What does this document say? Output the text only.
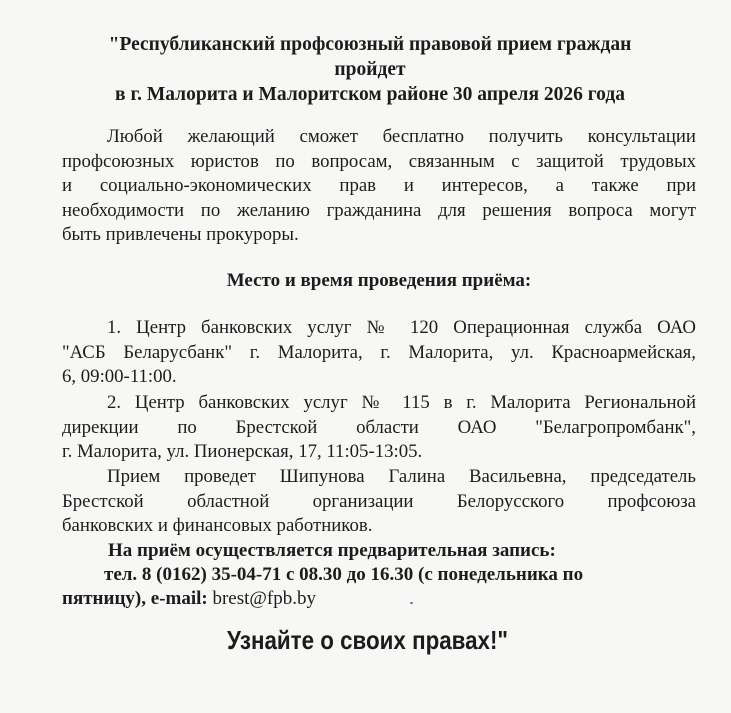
"Республиканский профсоюзный правовой прием граждан
пройдет
в г. Малорита и Малоритском районе 30 апреля 2026 года
Любой желающий сможет бесплатно получить консультации
профсоюзных юристов по вопросам, связанным с защитой трудовых
и социально-экономических прав и интересов, а также при
необходимости по желанию гражданина для решения вопроса могут
быть привлечены прокуроры.
Место и время проведения приёма:
1. Центр банковских услуг № 120 Операционная служба ОАО
"АСБ Беларусбанк" г. Малорита, г. Малорита, ул. Красноармейская,
6, 09:00-11:00.
2. Центр банковских услуг № 115 в г. Малорита Региональной
дирекции по Брестской области ОАО "Белагропромбанк",
г. Малорита, ул. Пионерская, 17, 11:05-13:05.
Прием проведет Шипунова Галина Васильевна, председатель
Брестской областной организации Белорусского профсоюза
банковских и финансовых работников.
На приём осуществляется предварительная запись:
тел. 8 (0162) 35-04-71 с 08.30 до 16.30 (с понедельника по
пятницу), e-mail: brest@fpb.by
Узнайте о своих правах!"
